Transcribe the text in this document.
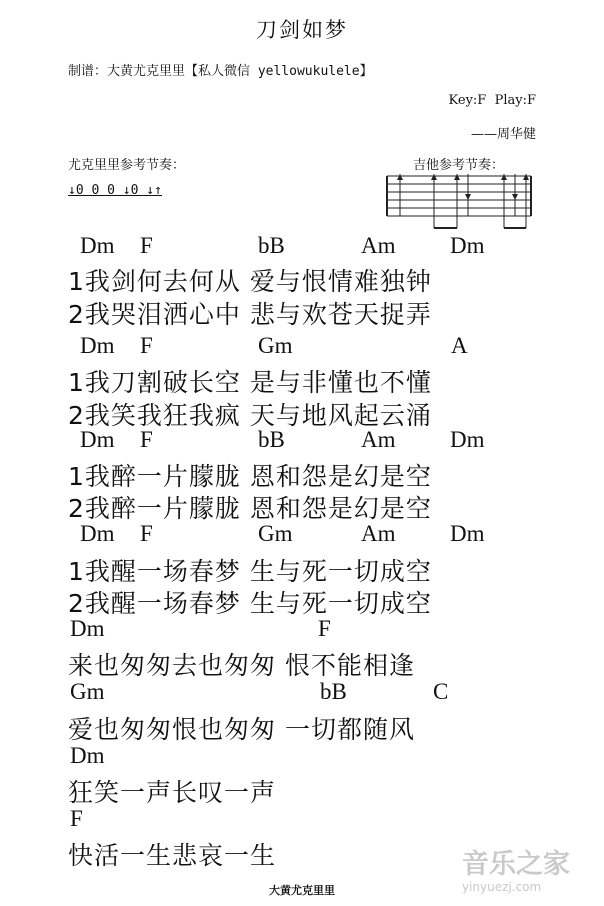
刀剑如梦
制谱：大黄尤克里里【私人微信 yellowukulele】
Key:F  Play:F
——周华健
尤克里里参考节奏：	吉他参考节奏：
↓0 0 0 ↓0 ↓↑
Dm F	bB	Am Dm
1我剑何去何从 爱与恨情难独钟
2我哭泪洒心中 悲与欢苍天捉弄
Dm F	Gm	A
1我刀割破长空 是与非懂也不懂
2我笑我狂我疯 天与地风起云涌
Dm F	bB	Am Dm
1我醉一片朦胧 恩和怨是幻是空
2我醉一片朦胧 恩和怨是幻是空
Dm F	Gm	Am Dm
1我醒一场春梦 生与死一切成空
2我醒一场春梦 生与死一切成空
Dm	F
来也匆匆去也匆匆 恨不能相逢
Gm	bB	C
爱也匆匆恨也匆匆 一切都随风
Dm
狂笑一声长叹一声
F
快活一生悲哀一生
大黄尤克里里
音乐之家
yinyuezj.com
